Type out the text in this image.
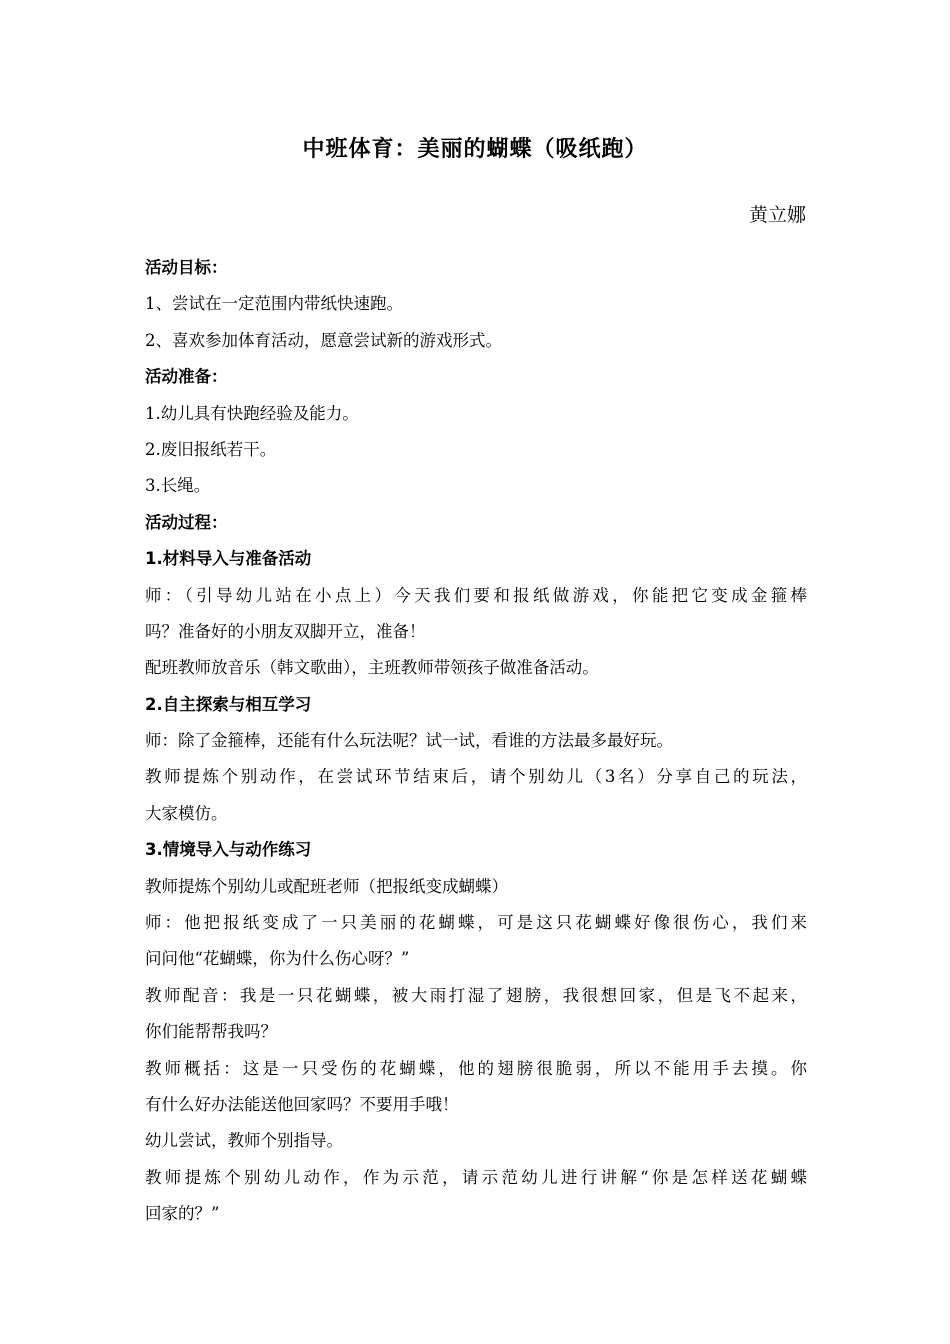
中班体育：美丽的蝴蝶（吸纸跑）
黄立娜
活动目标：
1、尝试在一定范围内带纸快速跑。
2、喜欢参加体育活动，愿意尝试新的游戏形式。
活动准备：
1.幼儿具有快跑经验及能力。
2.废旧报纸若干。
3.长绳。
活动过程：
1.材料导入与准备活动
师：（引导幼儿站在小点上）今天我们要和报纸做游戏，你能把它变成金箍棒
吗？准备好的小朋友双脚开立，准备！
配班教师放音乐（韩文歌曲），主班教师带领孩子做准备活动。
2.自主探索与相互学习
师：除了金箍棒，还能有什么玩法呢？试一试，看谁的方法最多最好玩。
教师提炼个别动作，在尝试环节结束后，请个别幼儿（3名）分享自己的玩法，
大家模仿。
3.情境导入与动作练习
教师提炼个别幼儿或配班老师（把报纸变成蝴蝶）
师：他把报纸变成了一只美丽的花蝴蝶，可是这只花蝴蝶好像很伤心，我们来
问问他“花蝴蝶，你为什么伤心呀？”
教师配音：我是一只花蝴蝶，被大雨打湿了翅膀，我很想回家，但是飞不起来，
你们能帮帮我吗？
教师概括：这是一只受伤的花蝴蝶，他的翅膀很脆弱，所以不能用手去摸。你
有什么好办法能送他回家吗？不要用手哦！
幼儿尝试，教师个别指导。
教师提炼个别幼儿动作，作为示范，请示范幼儿进行讲解“你是怎样送花蝴蝶
回家的？”
